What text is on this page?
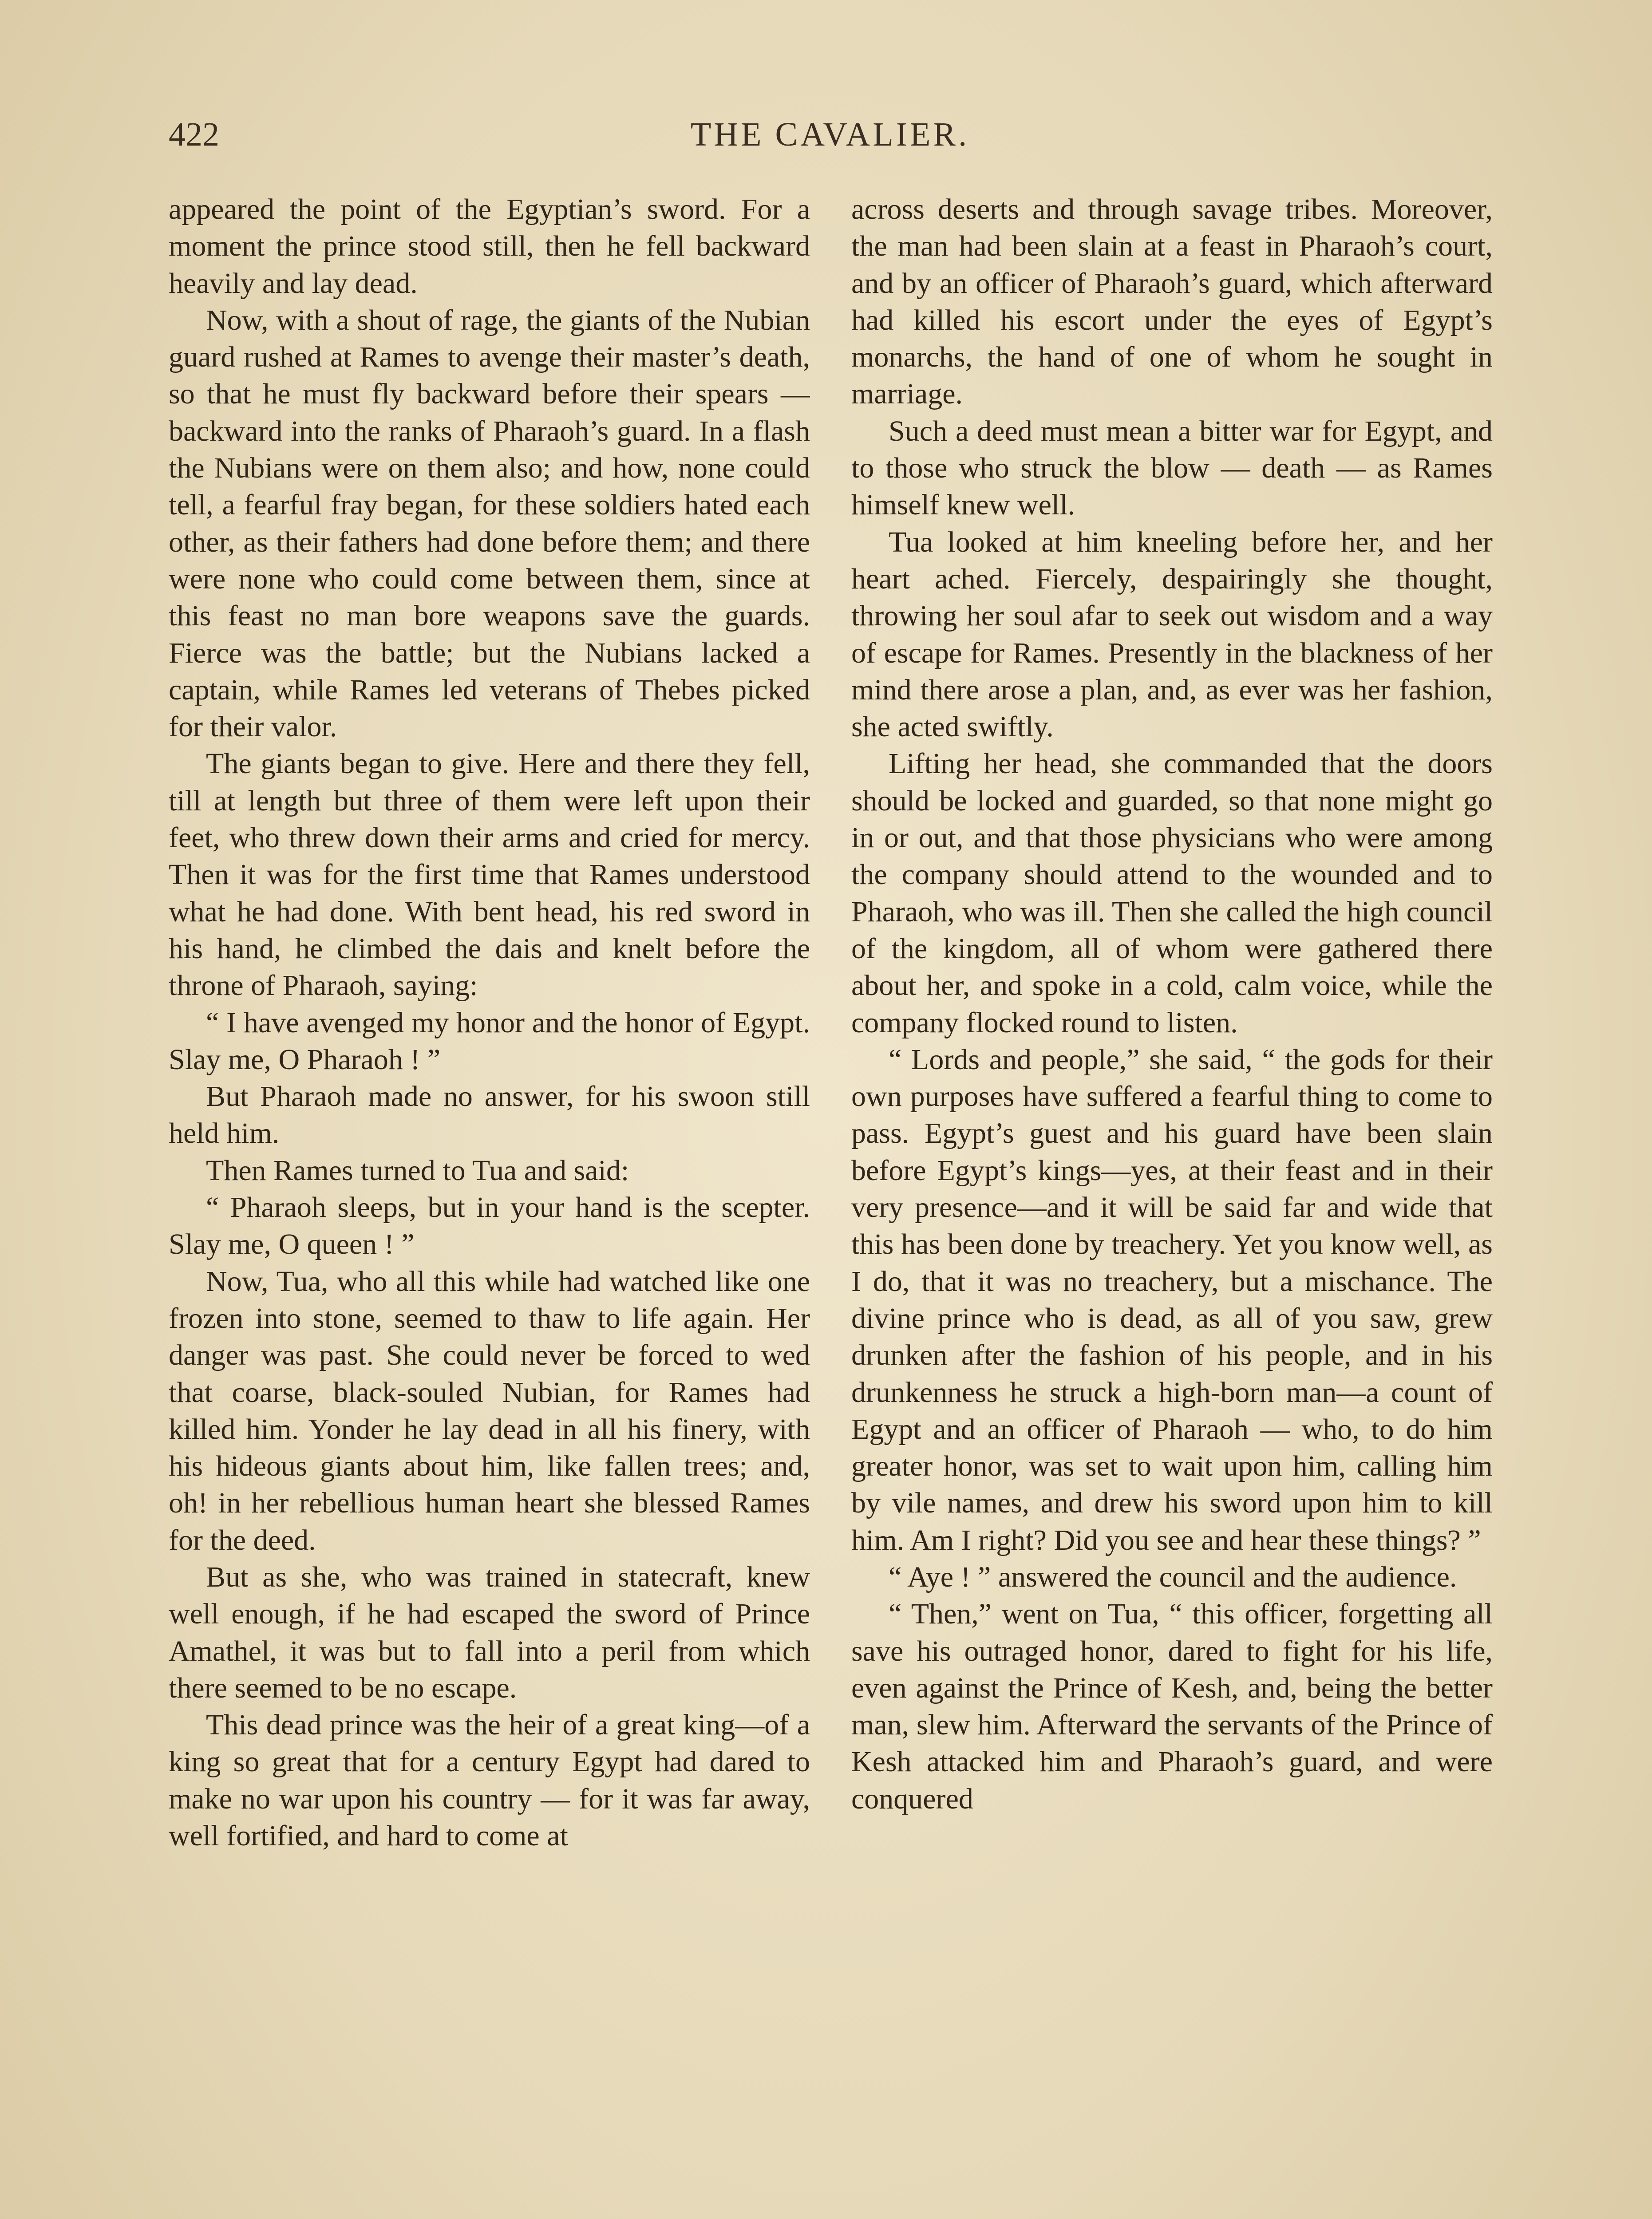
422	THE CAVALIER.

appeared the point of the Egyptian’s sword. For a moment the prince stood still, then he fell backward heavily and lay dead.

Now, with a shout of rage, the giants of the Nubian guard rushed at Rames to avenge their master’s death, so that he must fly backward before their spears —backward into the ranks of Pharaoh’s guard. In a flash the Nubians were on them also; and how, none could tell, a fearful fray began, for these soldiers hated each other, as their fathers had done before them; and there were none who could come between them, since at this feast no man bore weapons save the guards. Fierce was the battle; but the Nubians lacked a captain, while Rames led veterans of Thebes picked for their valor.

The giants began to give. Here and there they fell, till at length but three of them were left upon their feet, who threw down their arms and cried for mercy. Then it was for the first time that Rames understood what he had done. With bent head, his red sword in his hand, he climbed the dais and knelt before the throne of Pharaoh, saying:

“ I have avenged my honor and the honor of Egypt. Slay me, O Pharaoh ! ”

But Pharaoh made no answer, for his swoon still held him.

Then Rames turned to Tua and said:

“ Pharaoh sleeps, but in your hand is the scepter. Slay me, O queen ! ”

Now, Tua, who all this while had watched like one frozen into stone, seemed to thaw to life again. Her danger was past. She could never be forced to wed that coarse, black-souled Nubian, for Rames had killed him. Yonder he lay dead in all his finery, with his hideous giants about him, like fallen trees; and, oh! in her rebellious human heart she blessed Rames for the deed.

But as she, who was trained in statecraft, knew well enough, if he had escaped the sword of Prince Amathel, it was but to fall into a peril from which there seemed to be no escape.

This dead prince was the heir of a great king—of a king so great that for a century Egypt had dared to make no war upon his country — for it was far away, well fortified, and hard to come at

across deserts and through savage tribes. Moreover, the man had been slain at a feast in Pharaoh’s court, and by an officer of Pharaoh’s guard, which afterward had killed his escort under the eyes of Egypt’s monarchs, the hand of one of whom he sought in marriage.

Such a deed must mean a bitter war for Egypt, and to those who struck the blow — death — as Rames himself knew well.

Tua looked at him kneeling before her, and her heart ached. Fiercely, despairingly she thought, throwing her soul afar to seek out wisdom and a way of escape for Rames. Presently in the blackness of her mind there arose a plan, and, as ever was her fashion, she acted swiftly.

Lifting her head, she commanded that the doors should be locked and guarded, so that none might go in or out, and that those physicians who were among the company should attend to the wounded and to Pharaoh, who was ill. Then she called the high council of the kingdom, all of whom were gathered there about her, and spoke in a cold, calm voice, while the company flocked round to listen.

“ Lords and people,” she said, “ the gods for their own purposes have suffered a fearful thing to come to pass. Egypt’s guest and his guard have been slain before Egypt’s kings—yes, at their feast and in their very presence—and it will be said far and wide that this has been done by treachery. Yet you know well, as I do, that it was no treachery, but a mischance. The divine prince who is dead, as all of you saw, grew drunken after the fashion of his people, and in his drunkenness he struck a high-born man—a count of Egypt and an officer of Pharaoh — who, to do him greater honor, was set to wait upon him, calling him by vile names, and drew his sword upon him to kill him. Am I right? Did you see and hear these things? ”

“ Aye ! ” answered the council and the audience.

“ Then,” went on Tua, “ this officer, forgetting all save his outraged honor, dared to fight for his life, even against the Prince of Kesh, and, being the better man, slew him. Afterward the servants of the Prince of Kesh attacked him and Pharaoh’s guard, and were conquered
